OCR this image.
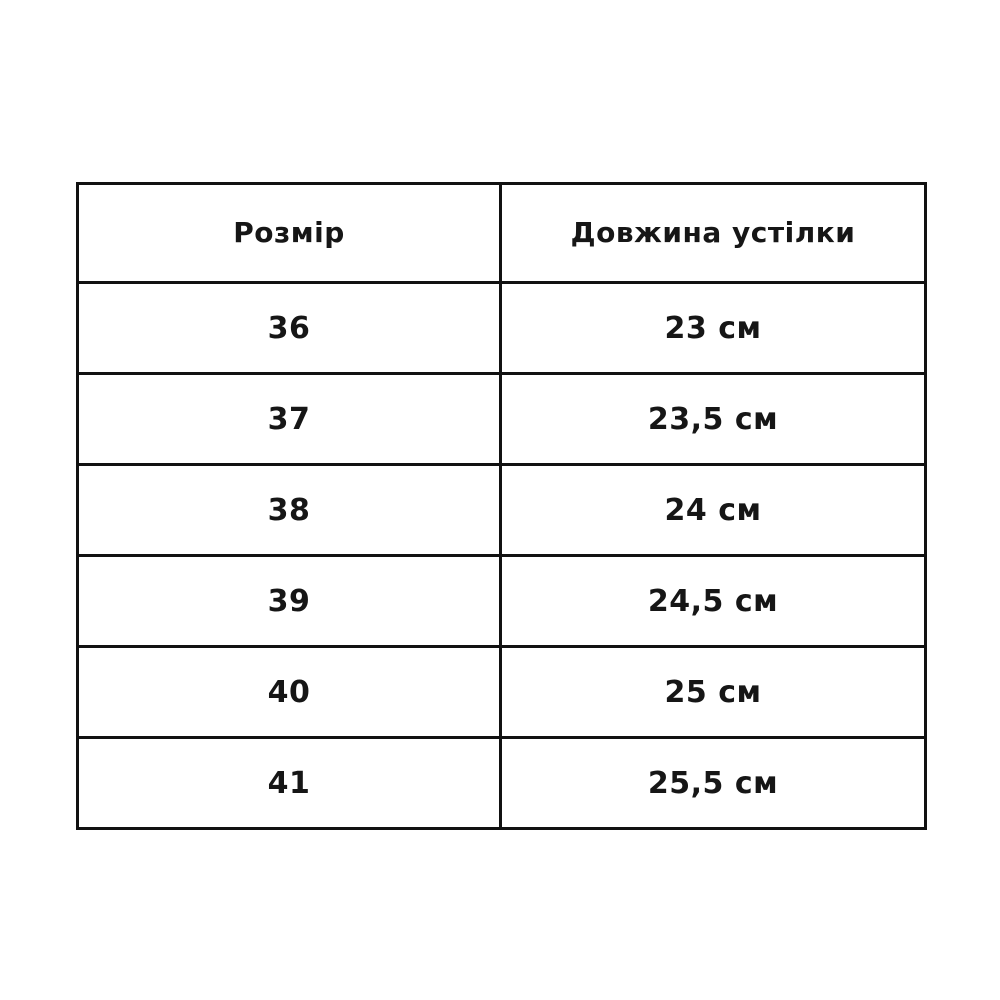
Розмір	Довжина устілки

36	23 см

37	23,5 см

38	24 см

39	24,5 см

40	25 см

41	25,5 см
